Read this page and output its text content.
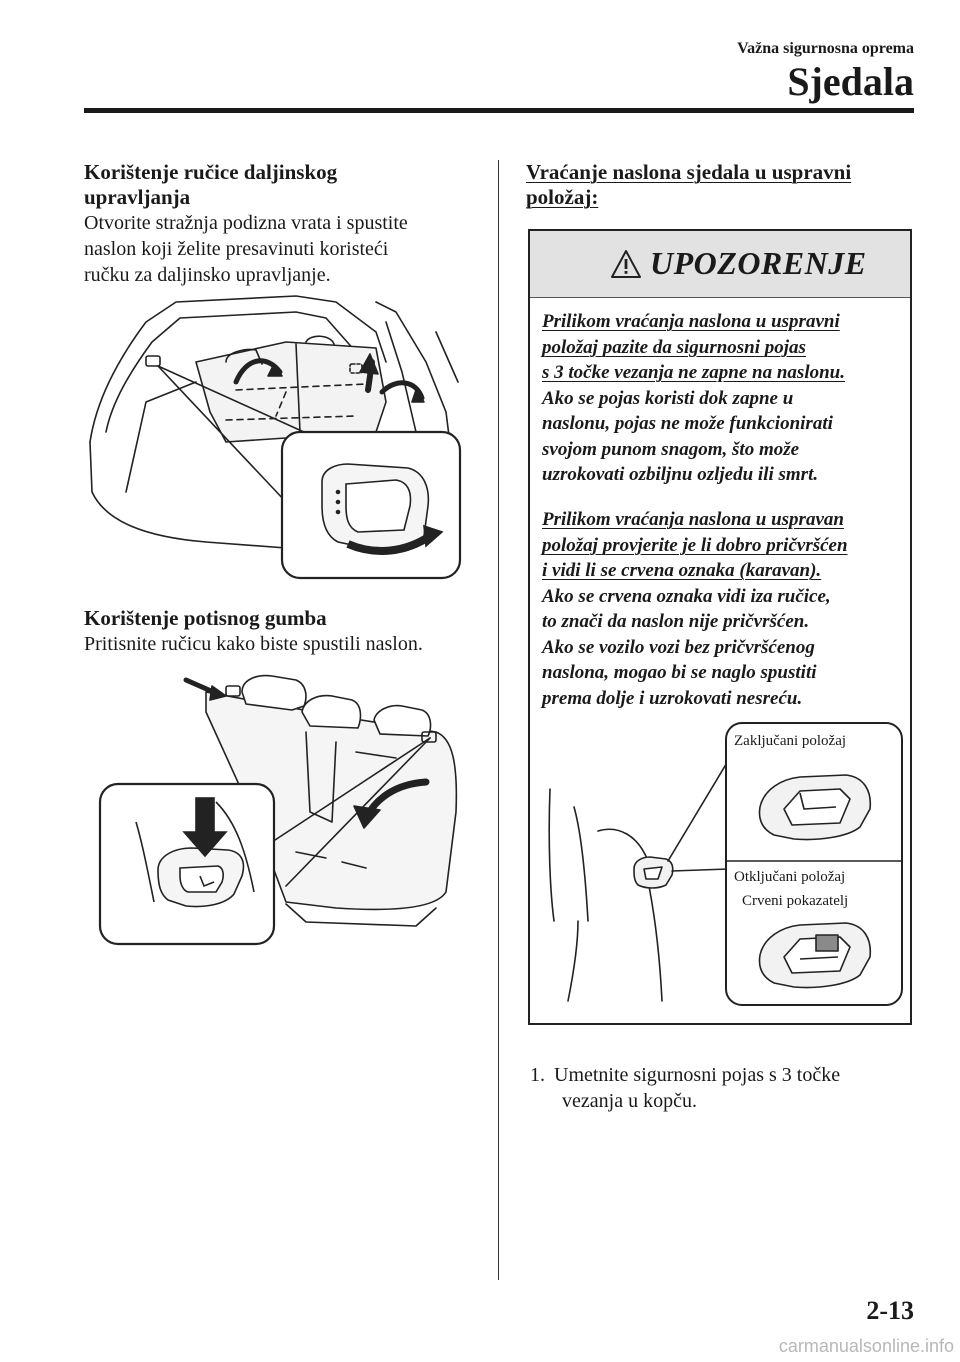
Važna sigurnosna oprema
Sjedala

Korištenje ručice daljinskog

upravljanja

Otvorite stražnja podizna vrata i spustite

naslon koji želite presavinuti koristeći

ručku za daljinsko upravljanje.

Korištenje potisnog gumba

Pritisnite ručicu kako biste spustili naslon.

Vraćanje naslona sjedala u uspravni

položaj:

UPOZORENJE

Prilikom vraćanja naslona u uspravni

položaj pazite da sigurnosni pojas

s 3 točke vezanja ne zapne na naslonu.

Ako se pojas koristi dok zapne u

naslonu, pojas ne može funkcionirati

svojom punom snagom, što može

uzrokovati ozbiljnu ozljedu ili smrt.

Prilikom vraćanja naslona u uspravan

položaj provjerite je li dobro pričvršćen

i vidi li se crvena oznaka (karavan).

Ako se crvena oznaka vidi iza ručice,

to znači da naslon nije pričvršćen.

Ako se vozilo vozi bez pričvršćenog

naslona, mogao bi se naglo spustiti

prema dolje i uzrokovati nesreću.

Zaključani položaj
Otključani položaj
Crveni pokazatelj
1. Umetnite sigurnosni pojas s 3 točke

vezanja u kopču.

2-13
carmanualsonline.info
